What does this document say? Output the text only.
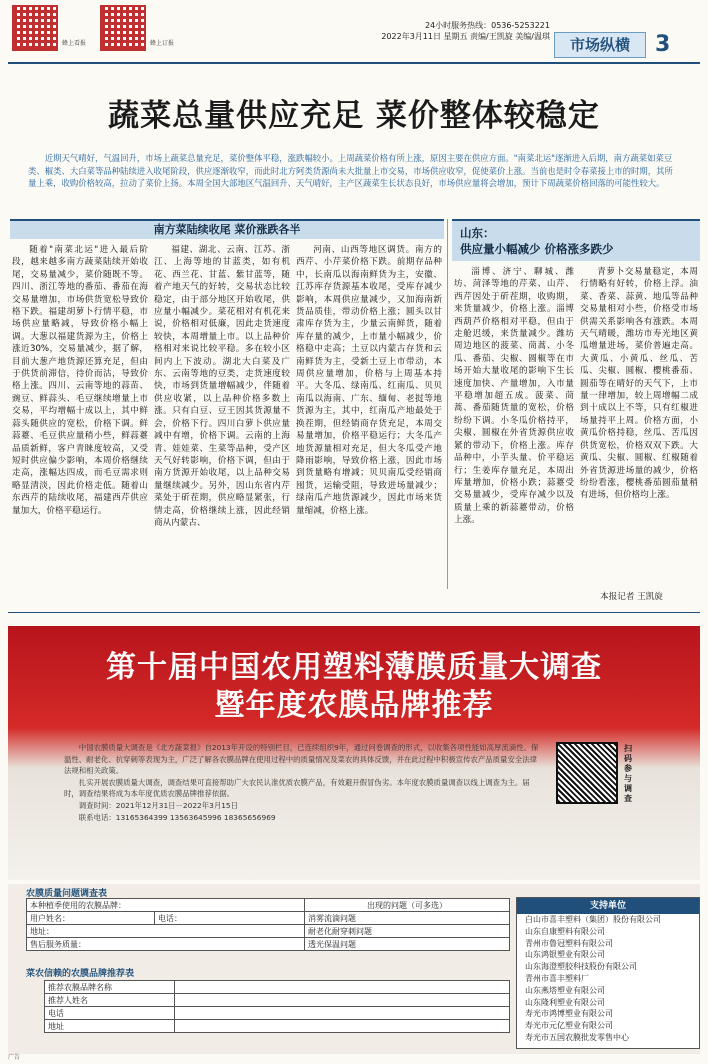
蜂上看报	蜂上订报
24小时服务热线：0536-5253221
2022年3月11日 星期五 责编/王凯旋 美编/温琪	市场纵横	3
蔬菜总量供应充足 菜价整体较稳定
近期天气晴好，气温回升，市场上蔬菜总量充足，菜价整体平稳，涨跌幅较小。上周蔬菜价格有所上涨，原因主要在供应方面。"南菜北运"逐渐进入后期，南方蔬菜如菜豆类、椒类、大白菜等品种陆续进入收尾阶段，供应逐渐收窄，而此时北方阿类货源尚未大批量上市交易，市场供应收窄，促使菜价上涨。当前也是时令春菜接上市的时期，其所量上乘，收购价格较高，拉动了菜价上扬。本周全国大部地区气温回升、天气晴好，主产区蔬菜生长状态良好，市场供应量将会增加，预计下周蔬菜价格回落的可能性较大。
南方菜陆续收尾 菜价涨跌各半

随着"南菜北运"进入最后阶段，越来越多南方蔬菜陆续开始收尾，交易量减少，菜价随既不等。四川、浙江等地的番茄、番茄在海交易量增加，市场供货宽松导致价格下跌。福建胡萝卜行情平稳，市场供应量略减，导致价格小幅上调。大葱以福建货源为主，价格上涨近30%，交易量减少，据了解，目前大葱产地货源还算充足，但由于供货前滞信，待价而沽，导致价格上涨。四川、云南等地的蒜苗、豌豆、鲜蒜头、毛豆继续增量上市交易，平均增幅十成以上，其中鲜蒜头随供应的宽松，价格下调。鲜蒜薹、毛豆供应量稍小些，鲜蒜薹品质新鲜，客户青睐度较高，又受短时供应偏少影响，本周价格继续走高，涨幅达四成，而毛豆需求则略显清淡，因此价格走低。随着山东西芹的陆续收尾，福建西芹供应量加大，价格平稳运行。

福建、湖北、云南、江苏、浙江、上海等地的甘蓝类，如有机花、西兰花、甘蓝、紫甘蓝等，随着产地天气的好转，交易状态比较稳定，由于部分地区开始收尾，供应量小幅减少。菜花相对有机花来说，价格相对低廉，因此走货速度较快，本周增量上市。以上品种价格相对来说比较平稳。多在较小区间内上下波动。湖北大白菜及广东、云南等地的豆类，走货速度较快，市场到货量增幅减少，伴随着供应收紧，以上品种价格多数上涨。只有白豆、豆王因其货源量不会，价格下行。四川白萝卜供应量减中有增，价格下调。云南的上海青、娃娃菜、生菜等品种，受产区天气好转影响，价格下调，但由于南方货源开始收尾，以上品种交易量继续减少。另外，因山东省内芹菜处于斫茬期，供应略显紧张，行情走高，价格继续上涨，因此经销商从内蒙古、

河南、山西等地区调货。南方的西芹、小芹菜价格下跌。前期存品种中，长南瓜以海南鲜货为主，安徽、江苏库存货源基本收尾，受库存减少影响，本周供应量减少，又加海南新货品质佳，带动价格上涨；圆头以甘肃库存货为主，少量云南鲜货，随着库存量的减少，上市量小幅减少，价格稳中走高；土豆以内蒙古存货和云南鲜货为主，受新土豆上市带动，本周供应量增加，价格与上周基本持平。大冬瓜、绿南瓜、红南瓜、贝贝南瓜以海南、广东、缅甸、老挝等地货源为主，其中，红南瓜产地最处于换茬期，但经销商存货充足，本周交易量增加，价格平稳运行；大冬瓜产地货源量相对充足，但大冬瓜受产地降雨影响，导致价格上涨，因此市场到货量略有增减；贝贝南瓜受经销商囤货，运输受阻，导致进场量减少；绿南瓜产地货源减少，因此市场来货量缩减，价格上涨。

山东：
供应量小幅减少 价格涨多跌少

淄博、济宁、聊城、潍坊、菏泽等地的芹菜、山芹、西芹因处于斫茬期，收购期，来货量减少，价格上涨。淄博西葫芦价格相对平稳，但由于走舱迟缓，来货量减少。潍坊周边地区的菠菜、茼蒿、小冬瓜、番茄、尖椒、圆椒等在市场开始大量收尾的影响下生长速度加快、产量增加，入市量平稳增加超五成。菠菜、茼蒿、番茄随货量的宽松，价格纷纷下调。小冬瓜价格持平，尖椒、圆椒在外省货源供应收紧的带动下，价格上涨。库存品种中，小芋头量、价平稳运行；生姜库存量充足，本周出库量增加，价格小跌；蒜薹受交易量减少，受库存减少以及质量上乘的新蒜薹带动，价格上涨。

青萝卜交易量稳定，本周行情略有好转，价格上浮。油菜、香菜、蒜黄、地瓜等品种交易量相对小些，价格受市场供需关系影响各有涨跌。本周天气晴暖，潍坊市寿光地区黄瓜增量进场，菜价普遍走高。大黄瓜、小黄瓜、丝瓜、苦瓜、尖椒、圆椒、樱桃番茄、圆茄等在晴好的天气下，上市量一律增加，较上周增幅二成到十成以上不等，只有红椒进场量持平上周。价格方面，小黄瓜价格持稳，丝瓜、苦瓜因供货宽松，价格双双下跌。大黄瓜、尖椒、圆椒、红椒随着外省货源进场量的减少，价格纷纷看涨，樱桃番茄圆茄量稍有进场，但价格均上涨。

本报记者 王凯旋
第十届中国农用塑料薄膜质量大调查
暨年度农膜品牌推荐

中国农膜质量大调查是《北方蔬菜报》自2013年开设的特别栏目，已连续组织9年，通过问卷调查的形式，以收集各项性能如高厚流滴性、保温性、耐老化、抗穿刺等表现为主，广泛了解各农膜品牌在使用过程中的质量情况及菜农的具体反馈，并在此过程中积极宣传农产品质量安全法律法规和相关政策。

扎实开展农膜质量大调查，调查结果可直接帮助广大农民认准优质农膜产品，有效避开假冒伪劣。本年度农膜质量调查以线上调查为主。届时，调查结果将成为本年度优质农膜品牌推荐依据。

调查时间：2021年12月31日－2022年3月15日

联系电话：13165364399 13563645996 18365656969

扫码参与调查
农膜质量问题调查表
本种植季使用的农膜品牌：		出现的问题（可多选）
用户姓名：	电话：	消雾流滴问题
地址：		耐老化耐穿刺问题
售后服务质量：		透光保温问题
菜农信赖的农膜品牌推荐表
推荐农膜品牌名称	
推荐人姓名	
电话	
地址	
支持单位
白山市喜丰塑料（集团）股份有限公司
山东自康塑料有限公司
青州市鲁冠塑料有限公司
山东鸿银塑业有限公司
山东海澄塑胶科技股份有限公司
青州市喜丰塑料厂
山东燕塔塑业有限公司
山东隆利塑业有限公司
寿光市鸿博塑业有限公司
寿光市元亿塑业有限公司
寿光市五国农膜批发零售中心
广告
